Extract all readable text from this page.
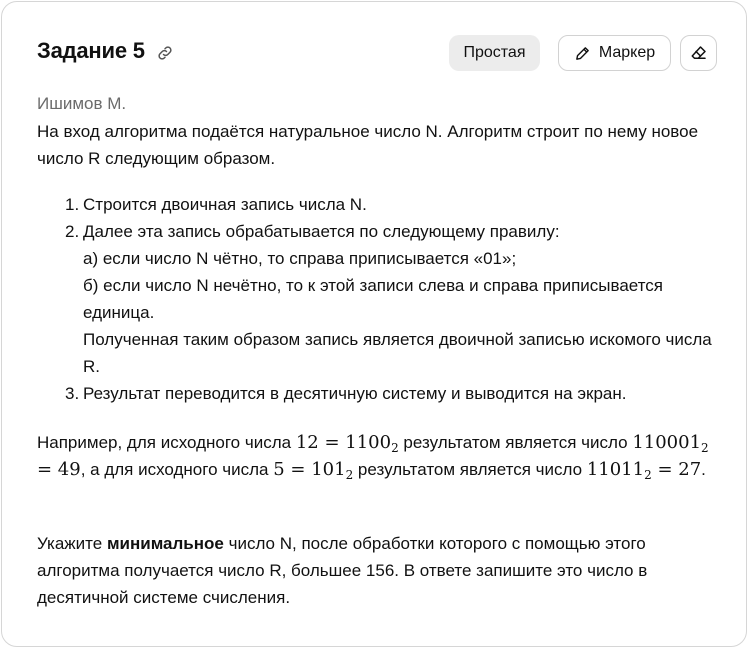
Задание 5	Простая	Маркер
Ишимов М.
На вход алгоритма подаётся натуральное число N. Алгоритм строит по нему новое число R следующим образом.
1. Строится двоичная запись числа N.
2. Далее эта запись обрабатывается по следующему правилу:
а) если число N чётно, то справа приписывается «01»;
б) если число N нечётно, то к этой записи слева и справа приписывается единица.
Полученная таким образом запись является двоичной записью искомого числа R.
3. Результат переводится в десятичную систему и выводится на экран.
Например, для исходного числа $12 = 1100_2$ результатом является число $110001_2 = 49$, а для исходного числа $5 = 101_2$ результатом является число $11011_2 = 27$.
Укажите минимальное число N, после обработки которого с помощью этого алгоритма получается число R, большее 156. В ответе запишите это число в десятичной системе счисления.
